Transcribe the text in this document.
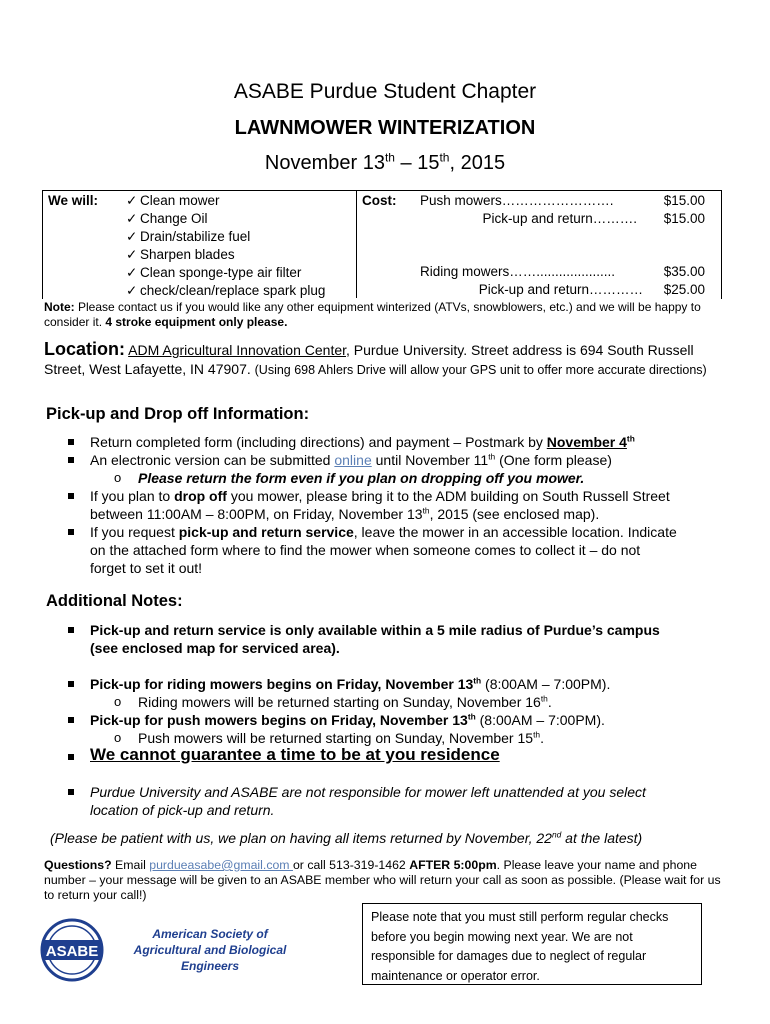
ASABE Purdue Student Chapter
LAWNMOWER WINTERIZATION
November 13th – 15th, 2015
We will: ✓ Clean mower
✓ Change Oil
✓ Drain/stabilize fuel
✓ Sharpen blades
✓ Clean sponge-type air filter
✓ check/clean/replace spark plug
Cost: Push mowers…………………….	$15.00
Pick-up and return……….	$15.00
Riding mowers…….....................	$35.00
Pick-up and return…………	$25.00
Note: Please contact us if you would like any other equipment winterized (ATVs, snowblowers, etc.) and we will be happy to consider it. 4 stroke equipment only please.
Location: ADM Agricultural Innovation Center, Purdue University. Street address is 694 South Russell Street, West Lafayette, IN 47907. (Using 698 Ahlers Drive will allow your GPS unit to offer more accurate directions)
Pick-up and Drop off Information:
Return completed form (including directions) and payment – Postmark by November 4th
An electronic version can be submitted online until November 11th (One form please)
o Please return the form even if you plan on dropping off you mower.
If you plan to drop off you mower, please bring it to the ADM building on South Russell Street
between 11:00AM – 8:00PM, on Friday, November 13th, 2015 (see enclosed map).
If you request pick-up and return service, leave the mower in an accessible location. Indicate
on the attached form where to find the mower when someone comes to collect it – do not
forget to set it out!
Additional Notes:
Pick-up and return service is only available within a 5 mile radius of Purdue’s campus
(see enclosed map for serviced area).
Pick-up for riding mowers begins on Friday, November 13th (8:00AM – 7:00PM).
o Riding mowers will be returned starting on Sunday, November 16th.
Pick-up for push mowers begins on Friday, November 13th (8:00AM – 7:00PM).
o Push mowers will be returned starting on Sunday, November 15th.
We cannot guarantee a time to be at you residence
Purdue University and ASABE are not responsible for mower left unattended at you select
location of pick-up and return.
(Please be patient with us, we plan on having all items returned by November, 22nd at the latest)
Questions? Email purdueasabe@gmail.com or call 513-319-1462 AFTER 5:00pm. Please leave your name and phone number – your message will be given to an ASABE member who will return your call as soon as possible. (Please wait for us to return your call!)
ASABE
American Society of
Agricultural and Biological
Engineers
Please note that you must still perform regular checks before you begin mowing next year. We are not responsible for damages due to neglect of regular maintenance or operator error.
